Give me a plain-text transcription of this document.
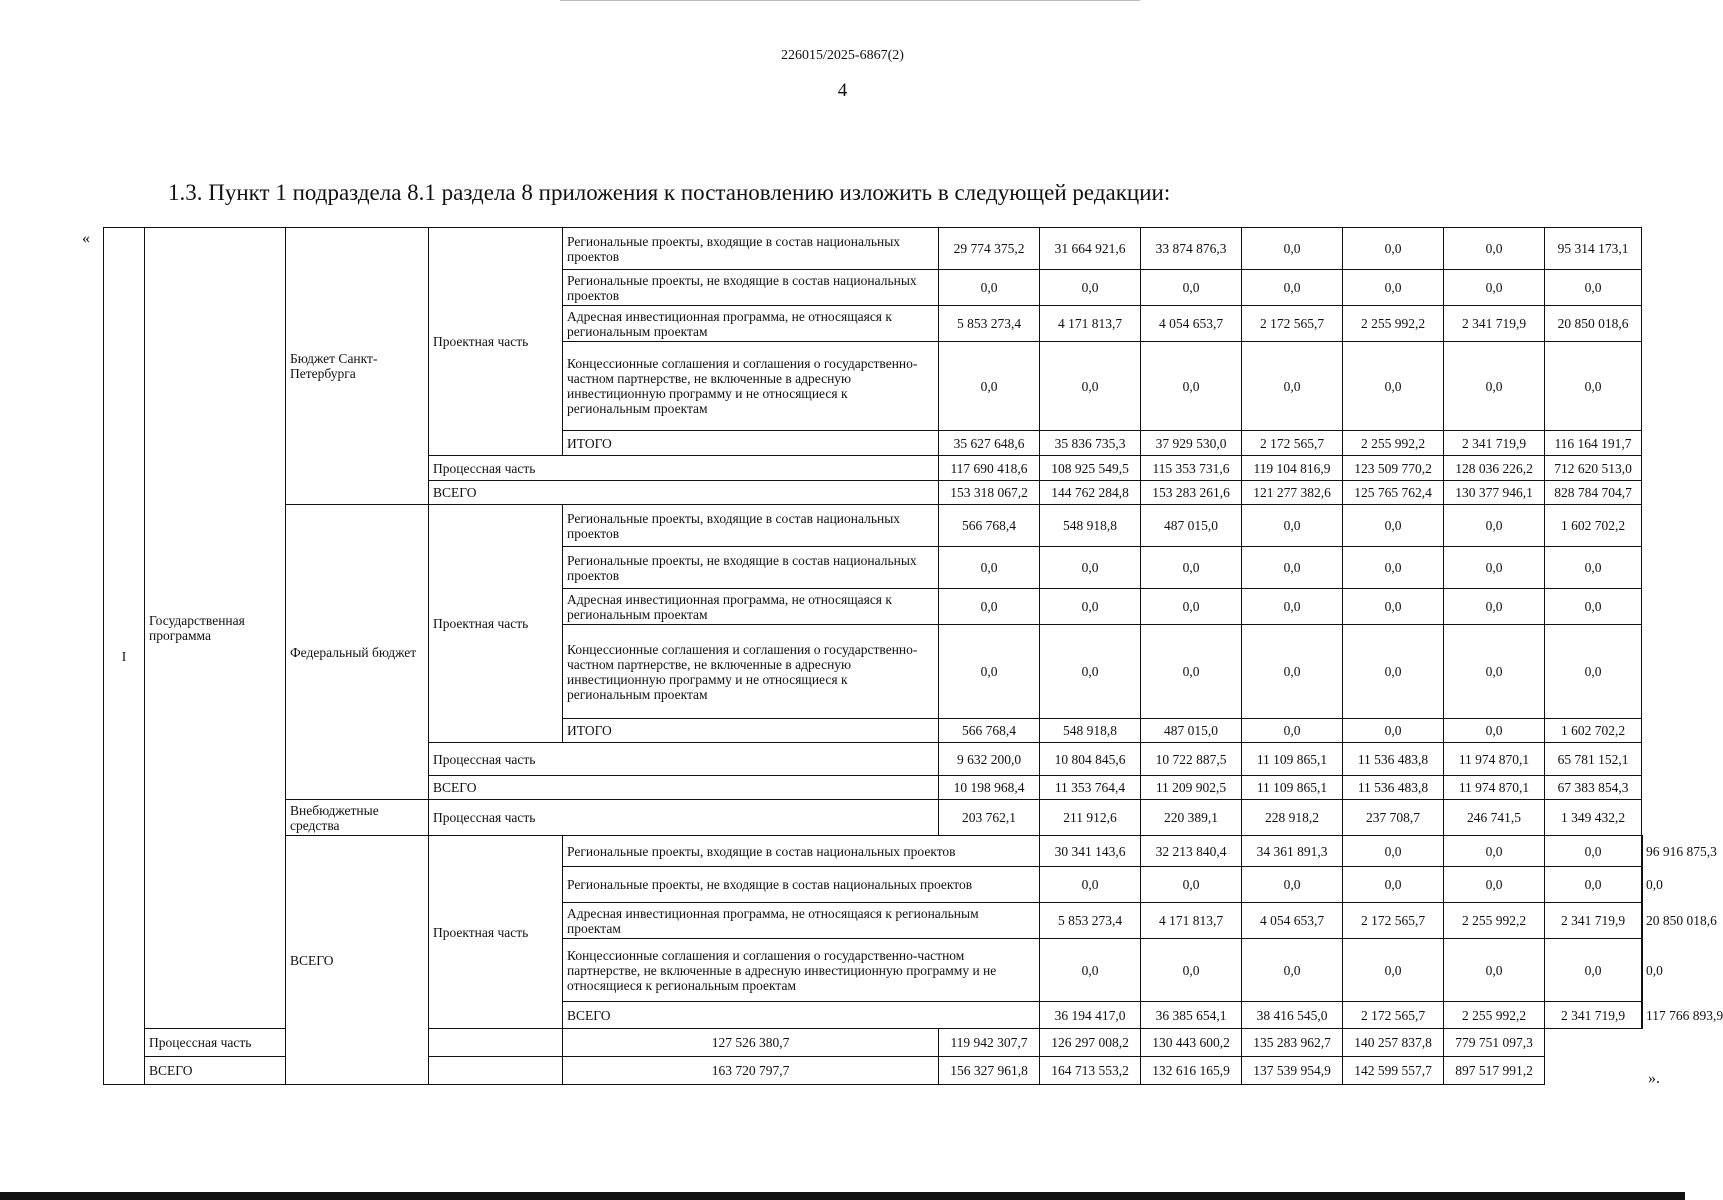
226015/2025-6867(2)
4
1.3. Пункт 1 подраздела 8.1 раздела 8 приложения к постановлению изложить в следующей редакции:
«
».
I	Государственная программа	Бюджет Санкт-Петербурга	Проектная часть	Региональные проекты, входящие в состав национальных проектов	29 774 375,2	31 664 921,6	33 874 876,3	0,0	0,0	0,0	95 314 173,1	
				Региональные проекты, не входящие в состав национальных проектов	0,0	0,0	0,0	0,0	0,0	0,0	0,0	
				Адресная инвестиционная программа, не относящаяся к региональным проектам	5 853 273,4	4 171 813,7	4 054 653,7	2 172 565,7	2 255 992,2	2 341 719,9	20 850 018,6	
				Концессионные соглашения и соглашения о государственно-частном партнерстве, не включенные в адресную инвестиционную программу и не относящиеся к региональным проектам	0,0	0,0	0,0	0,0	0,0	0,0	0,0	
				ИТОГО	35 627 648,6	35 836 735,3	37 929 530,0	2 172 565,7	2 255 992,2	2 341 719,9	116 164 191,7	
			Процессная часть		117 690 418,6	108 925 549,5	115 353 731,6	119 104 816,9	123 509 770,2	128 036 226,2	712 620 513,0	
			ВСЕГО		153 318 067,2	144 762 284,8	153 283 261,6	121 277 382,6	125 765 762,4	130 377 946,1	828 784 704,7	
		Федеральный бюджет	Проектная часть	Региональные проекты, входящие в состав национальных проектов	566 768,4	548 918,8	487 015,0	0,0	0,0	0,0	1 602 702,2	
				Региональные проекты, не входящие в состав национальных проектов	0,0	0,0	0,0	0,0	0,0	0,0	0,0	
				Адресная инвестиционная программа, не относящаяся к региональным проектам	0,0	0,0	0,0	0,0	0,0	0,0	0,0	
				Концессионные соглашения и соглашения о государственно-частном партнерстве, не включенные в адресную инвестиционную программу и не относящиеся к региональным проектам	0,0	0,0	0,0	0,0	0,0	0,0	0,0	
				ИТОГО	566 768,4	548 918,8	487 015,0	0,0	0,0	0,0	1 602 702,2	
			Процессная часть		9 632 200,0	10 804 845,6	10 722 887,5	11 109 865,1	11 536 483,8	11 974 870,1	65 781 152,1	
			ВСЕГО		10 198 968,4	11 353 764,4	11 209 902,5	11 109 865,1	11 536 483,8	11 974 870,1	67 383 854,3	
		Внебюджетные средства	Процессная часть		203 762,1	211 912,6	220 389,1	228 918,2	237 708,7	246 741,5	1 349 432,2	
		ВСЕГО	Проектная часть	Региональные проекты, входящие в состав национальных проектов		30 341 143,6	32 213 840,4	34 361 891,3	0,0	0,0	0,0	96 916 875,3
				Региональные проекты, не входящие в состав национальных проектов		0,0	0,0	0,0	0,0	0,0	0,0	0,0
				Адресная инвестиционная программа, не относящаяся к региональным проектам		5 853 273,4	4 171 813,7	4 054 653,7	2 172 565,7	2 255 992,2	2 341 719,9	20 850 018,6
				Концессионные соглашения и соглашения о государственно-частном партнерстве, не включенные в адресную инвестиционную программу и не относящиеся к региональным проектам		0,0	0,0	0,0	0,0	0,0	0,0	0,0
				ВСЕГО		36 194 417,0	36 385 654,1	38 416 545,0	2 172 565,7	2 255 992,2	2 341 719,9	117 766 893,9
	Процессная часть			127 526 380,7	119 942 307,7	126 297 008,2	130 443 600,2	135 283 962,7	140 257 837,8	779 751 097,3		
	ВСЕГО			163 720 797,7	156 327 961,8	164 713 553,2	132 616 165,9	137 539 954,9	142 599 557,7	897 517 991,2		
